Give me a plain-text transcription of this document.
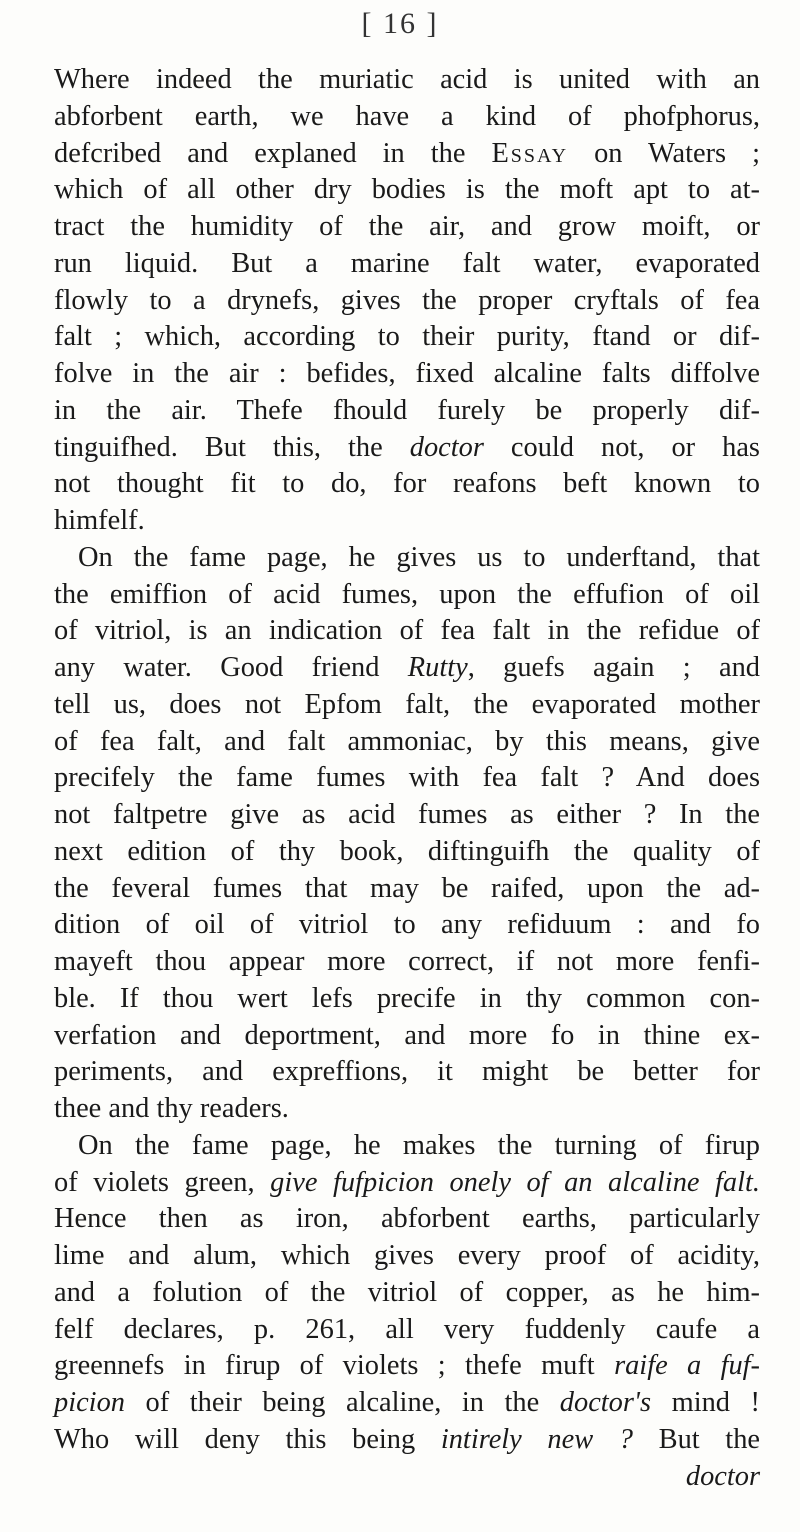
[ 16 ]
Where indeed the muriatic acid is united with an
abforbent earth, we have a kind of phofphorus,
defcribed and explaned in the Essay on Waters ;
which of all other dry bodies is the moft apt to at-
tract the humidity of the air, and grow moift, or
run liquid. But a marine falt water, evaporated
flowly to a drynefs, gives the proper cryftals of fea
falt ; which, according to their purity, ftand or dif-
folve in the air : befides, fixed alcaline falts diffolve
in the air. Thefe fhould furely be properly dif-
tinguifhed. But this, the doctor could not, or has
not thought fit to do, for reafons beft known to
himfelf.
On the fame page, he gives us to underftand, that
the emiffion of acid fumes, upon the effufion of oil
of vitriol, is an indication of fea falt in the refidue of
any water. Good friend Rutty, guefs again ; and
tell us, does not Epfom falt, the evaporated mother
of fea falt, and falt ammoniac, by this means, give
precifely the fame fumes with fea falt ? And does
not faltpetre give as acid fumes as either ? In the
next edition of thy book, diftinguifh the quality of
the feveral fumes that may be raifed, upon the ad-
dition of oil of vitriol to any refiduum : and fo
mayeft thou appear more correct, if not more fenfi-
ble. If thou wert lefs precife in thy common con-
verfation and deportment, and more fo in thine ex-
periments, and expreffions, it might be better for
thee and thy readers.
On the fame page, he makes the turning of firup
of violets green, give fufpicion onely of an alcaline falt.
Hence then as iron, abforbent earths, particularly
lime and alum, which gives every proof of acidity,
and a folution of the vitriol of copper, as he him-
felf declares, p. 261, all very fuddenly caufe a
greennefs in firup of violets ; thefe muft raife a fuf-
picion of their being alcaline, in the doctor's mind !
Who will deny this being intirely new ? But the
doctor
